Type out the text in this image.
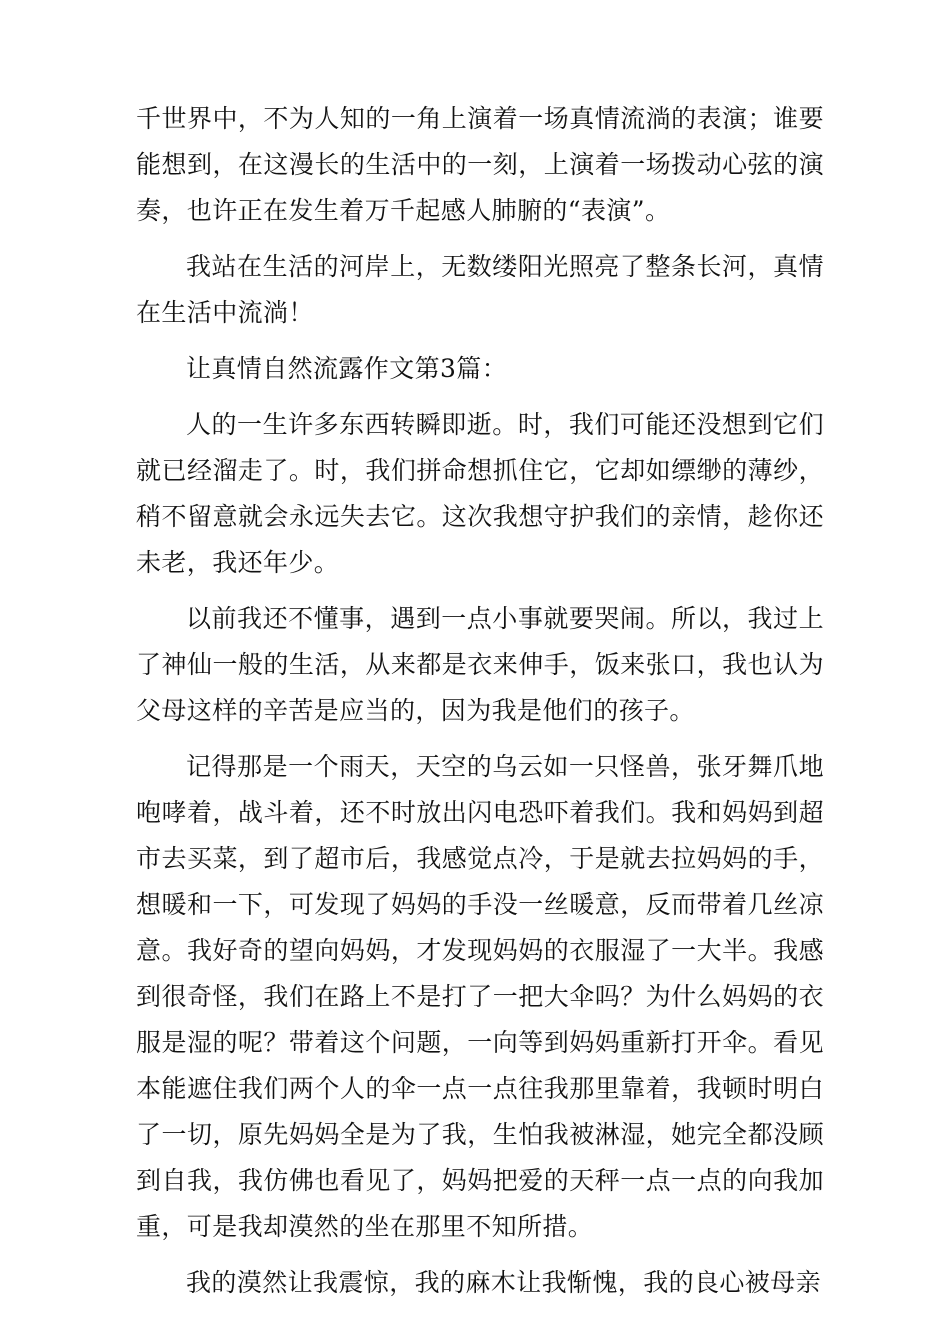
千世界中，不为人知的一角上演着一场真情流淌的表演；谁要能想到，在这漫长的生活中的一刻，上演着一场拨动心弦的演奏，也许正在发生着万千起感人肺腑的“表演”。

我站在生活的河岸上，无数缕阳光照亮了整条长河，真情在生活中流淌！

让真情自然流露作文第3篇：

人的一生许多东西转瞬即逝。时，我们可能还没想到它们就已经溜走了。时，我们拼命想抓住它，它却如缥缈的薄纱，稍不留意就会永远失去它。这次我想守护我们的亲情，趁你还未老，我还年少。

以前我还不懂事，遇到一点小事就要哭闹。所以，我过上了神仙一般的生活，从来都是衣来伸手，饭来张口，我也认为父母这样的辛苦是应当的，因为我是他们的孩子。

记得那是一个雨天，天空的乌云如一只怪兽，张牙舞爪地咆哮着，战斗着，还不时放出闪电恐吓着我们。我和妈妈到超市去买菜，到了超市后，我感觉点冷，于是就去拉妈妈的手，想暖和一下，可发现了妈妈的手没一丝暖意，反而带着几丝凉意。我好奇的望向妈妈，才发现妈妈的衣服湿了一大半。我感到很奇怪，我们在路上不是打了一把大伞吗？为什么妈妈的衣服是湿的呢？带着这个问题，一向等到妈妈重新打开伞。看见本能遮住我们两个人的伞一点一点往我那里靠着，我顿时明白了一切，原先妈妈全是为了我，生怕我被淋湿，她完全都没顾到自我，我仿佛也看见了，妈妈把爱的天秤一点一点的向我加重，可是我却漠然的坐在那里不知所措。

我的漠然让我震惊，我的麻木让我惭愧，我的良心被母亲
